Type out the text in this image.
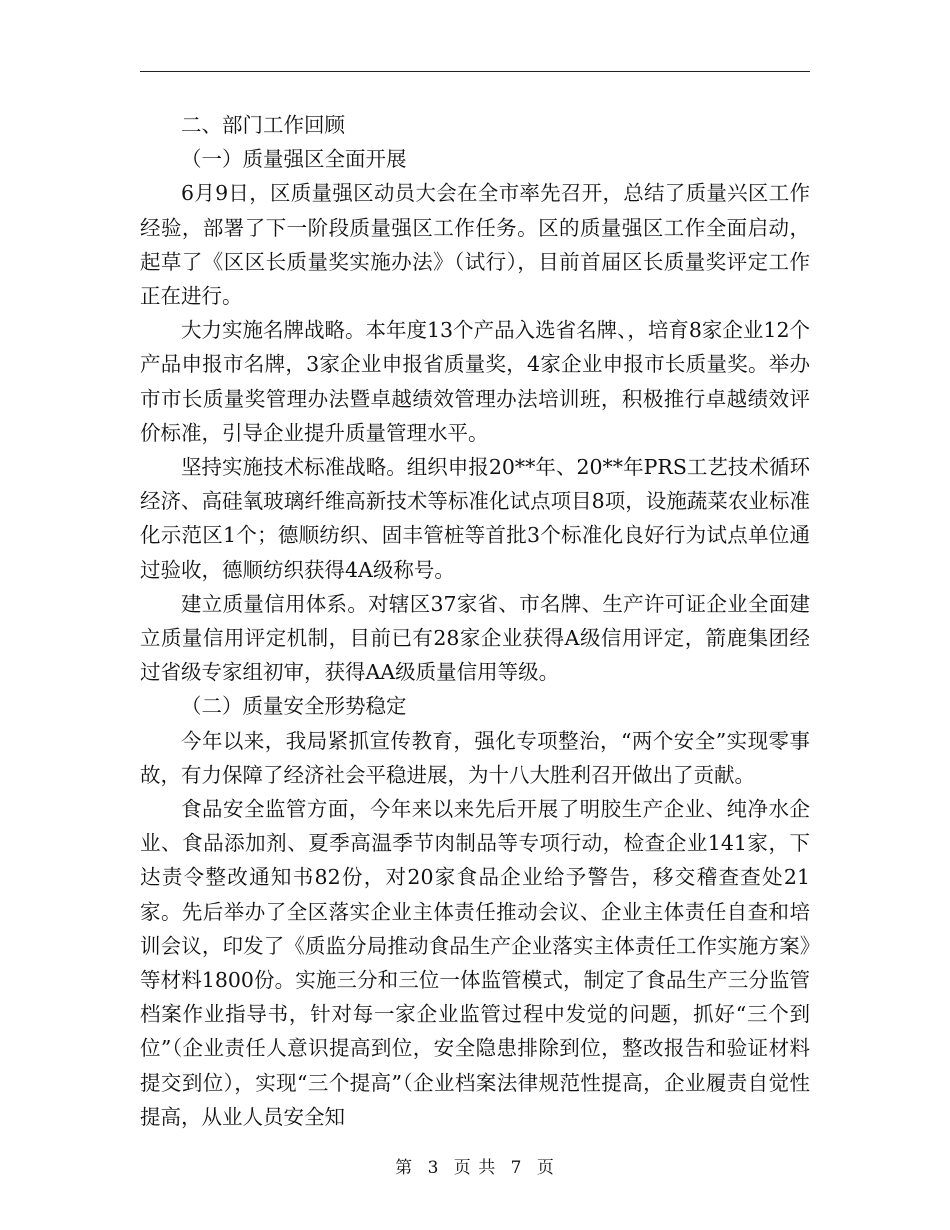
二、部门工作回顾

（一）质量强区全面开展

6月9日，区质量强区动员大会在全市率先召开，总结了质量兴区工作经验，部署了下一阶段质量强区工作任务。区的质量强区工作全面启动，起草了《区区长质量奖实施办法》（试行），目前首届区长质量奖评定工作正在进行。

大力实施名牌战略。本年度13个产品入选省名牌、，培育8家企业12个产品申报市名牌，3家企业申报省质量奖，4家企业申报市长质量奖。举办市市长质量奖管理办法暨卓越绩效管理办法培训班，积极推行卓越绩效评价标准，引导企业提升质量管理水平。

坚持实施技术标准战略。组织申报20**年、20**年PRS工艺技术循环经济、高硅氧玻璃纤维高新技术等标准化试点项目8项，设施蔬菜农业标准化示范区1个；德顺纺织、固丰管桩等首批3个标准化良好行为试点单位通过验收，德顺纺织获得4A级称号。

建立质量信用体系。对辖区37家省、市名牌、生产许可证企业全面建立质量信用评定机制，目前已有28家企业获得A级信用评定，箭鹿集团经过省级专家组初审，获得AA级质量信用等级。

（二）质量安全形势稳定

今年以来，我局紧抓宣传教育，强化专项整治，“两个安全”实现零事故，有力保障了经济社会平稳进展，为十八大胜利召开做出了贡献。

食品安全监管方面，今年来以来先后开展了明胶生产企业、纯净水企业、食品添加剂、夏季高温季节肉制品等专项行动，检查企业141家，下达责令整改通知书82份，对20家食品企业给予警告，移交稽查查处21家。先后举办了全区落实企业主体责任推动会议、企业主体责任自查和培训会议，印发了《质监分局推动食品生产企业落实主体责任工作实施方案》等材料1800份。实施三分和三位一体监管模式，制定了食品生产三分监管档案作业指导书，针对每一家企业监管过程中发觉的问题，抓好“三个到位”（企业责任人意识提高到位，安全隐患排除到位，整改报告和验证材料提交到位），实现“三个提高”（企业档案法律规范性提高，企业履责自觉性提高，从业人员安全知

第 3 页 共 7 页
